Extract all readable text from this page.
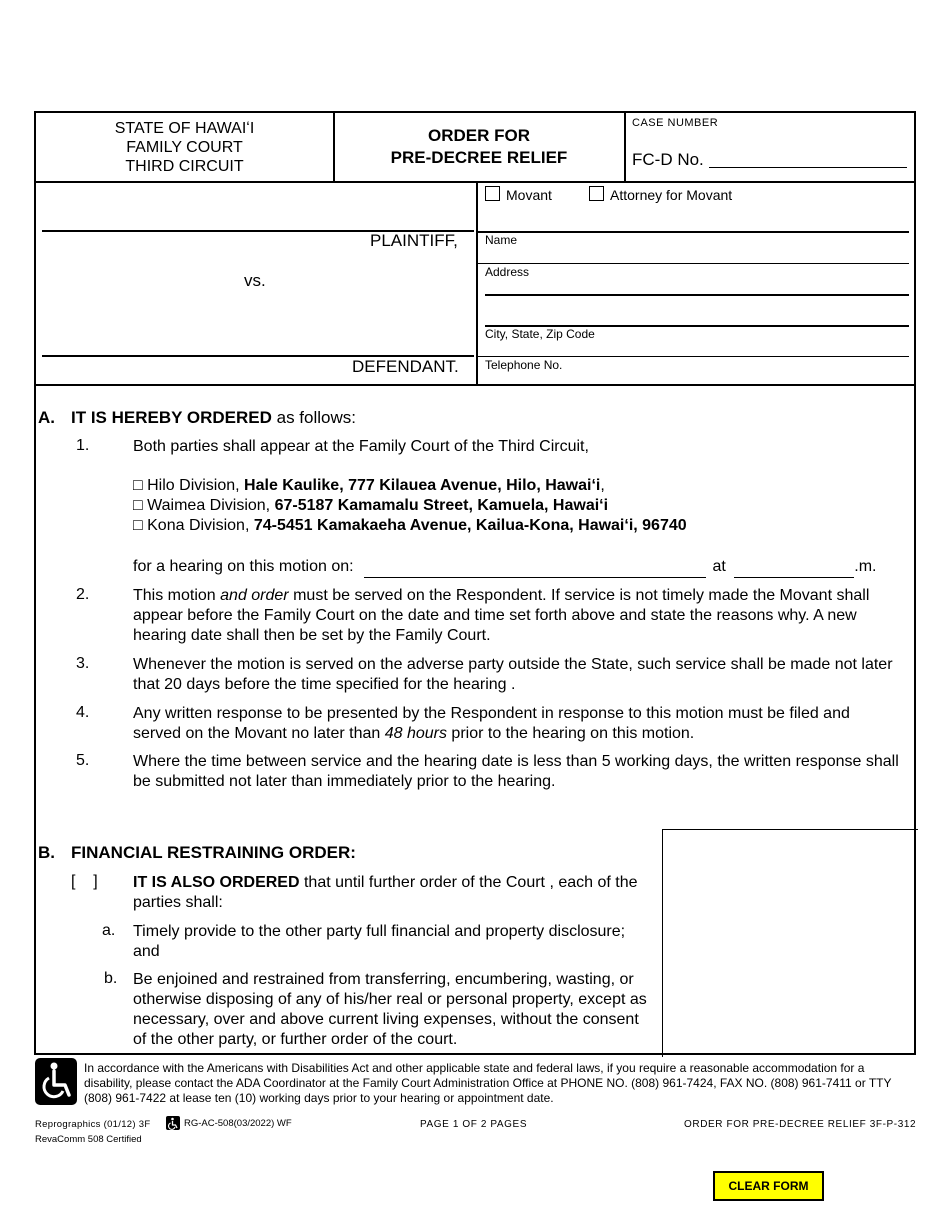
STATE OF HAWAIʻI
FAMILY COURT
THIRD CIRCUIT
ORDER FOR
PRE-DECREE RELIEF
CASE NUMBER
FC-D No.
PLAINTIFF,
vs.
DEFENDANT.
Movant	Attorney for Movant
Name
Address
City, State, Zip Code
Telephone No.
A. IT IS HEREBY ORDERED as follows:
1.	Both parties shall appear at the Family Court of the Third Circuit,
□ Hilo Division, Hale Kaulike, 777 Kilauea Avenue, Hilo, Hawaiʻi,
□ Waimea Division, 67-5187 Kamamalu Street, Kamuela, Hawaiʻi
□ Kona Division, 74-5451 Kamakaeha Avenue, Kailua-Kona, Hawaiʻi, 96740
for a hearing on this motion on:	at	.m.
2.	This motion and order must be served on the Respondent. If service is not timely made the Movant shall appear before the Family Court on the date and time set forth above and state the reasons why. A new hearing date shall then be set by the Family Court.
3.	Whenever the motion is served on the adverse party outside the State, such service shall be made not later that 20 days before the time specified for the hearing .
4.	Any written response to be presented by the Respondent in response to this motion must be filed and served on the Movant no later than 48 hours prior to the hearing on this motion.
5.	Where the time between service and the hearing date is less than 5 working days, the written response shall be submitted not later than immediately prior to the hearing.
B. FINANCIAL RESTRAINING ORDER:
[    ] IT IS ALSO ORDERED that until further order of the Court , each of the parties shall:
a. Timely provide to the other party full financial and property disclosure; and
b. Be enjoined and restrained from transferring, encumbering, wasting, or otherwise disposing of any of his/her real or personal property, except as necessary, over and above current living expenses, without the consent of the other party, or further order of the court.
In accordance with the Americans with Disabilities Act and other applicable state and federal laws, if you require a reasonable accommodation for a disability, please contact the ADA Coordinator at the Family Court Administration Office at PHONE NO. (808) 961-7424, FAX NO. (808) 961-7411 or TTY (808) 961-7422 at lease ten (10) working days prior to your hearing or appointment date.
Reprographics (01/12) 3F	RG-AC-508(03/2022) WF
RevaComm 508 Certified
PAGE 1 OF 2 PAGES	ORDER FOR PRE-DECREE RELIEF 3F-P-312
CLEAR FORM
